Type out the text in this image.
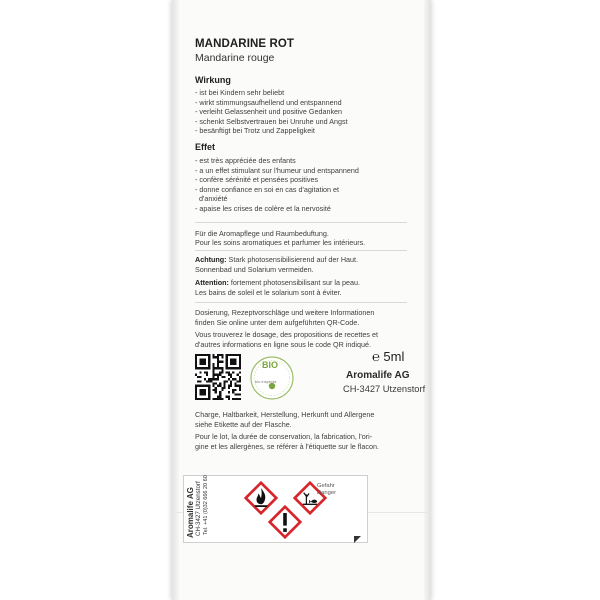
MANDARINE ROT
Mandarine rouge
Wirkung
- ist bei Kindern sehr beliebt
- wirkt stimmungsaufhellend und entspannend
- verleiht Gelassenheit und positive Gedanken
- schenkt Selbstvertrauen bei Unruhe und Angst
- besänftigt bei Trotz und Zappeligkeit
Effet
- est très appréciée des enfants
- a un effet stimulant sur l'humeur und entspannend
- confère sérénité et pensées positives
- donne confiance en soi en cas d'agitation et
d'anxiété
- apaise les crises de colère et la nervosité
Für die Aromapflege und Raumbeduftung.
Pour les soins aromatiques et parfumer les intérieurs.
Achtung: Stark photosensibilisierend auf der Haut.
Sonnenbad und Solarium vermeiden.
Attention: fortement photosensibilisant sur la peau.
Les bains de soleil et le solarium sont à éviter.
Dosierung, Rezeptvorschläge und weitere Informationen
finden Sie online unter dem aufgeführten QR-Code.
Vous trouverez le dosage, des propositions de recettes et
d'autres informations en ligne sous le code QR indiqué.
BIO
bio inspecta
℮ 5ml
Aromalife AG
CH-3427 Utzenstorf
Charge, Haltbarkeit, Herstellung, Herkunft und Allergene
siehe Etikette auf der Flasche.
Pour le lot, la durée de conservation, la fabrication, l'ori-
gine et les allergènes, se référer à l'étiquette sur le flacon.
Aromalife AG CH-3427 Utzenstorf Tel. +41 (0)32 666 20 60	Gefahr
Danger
